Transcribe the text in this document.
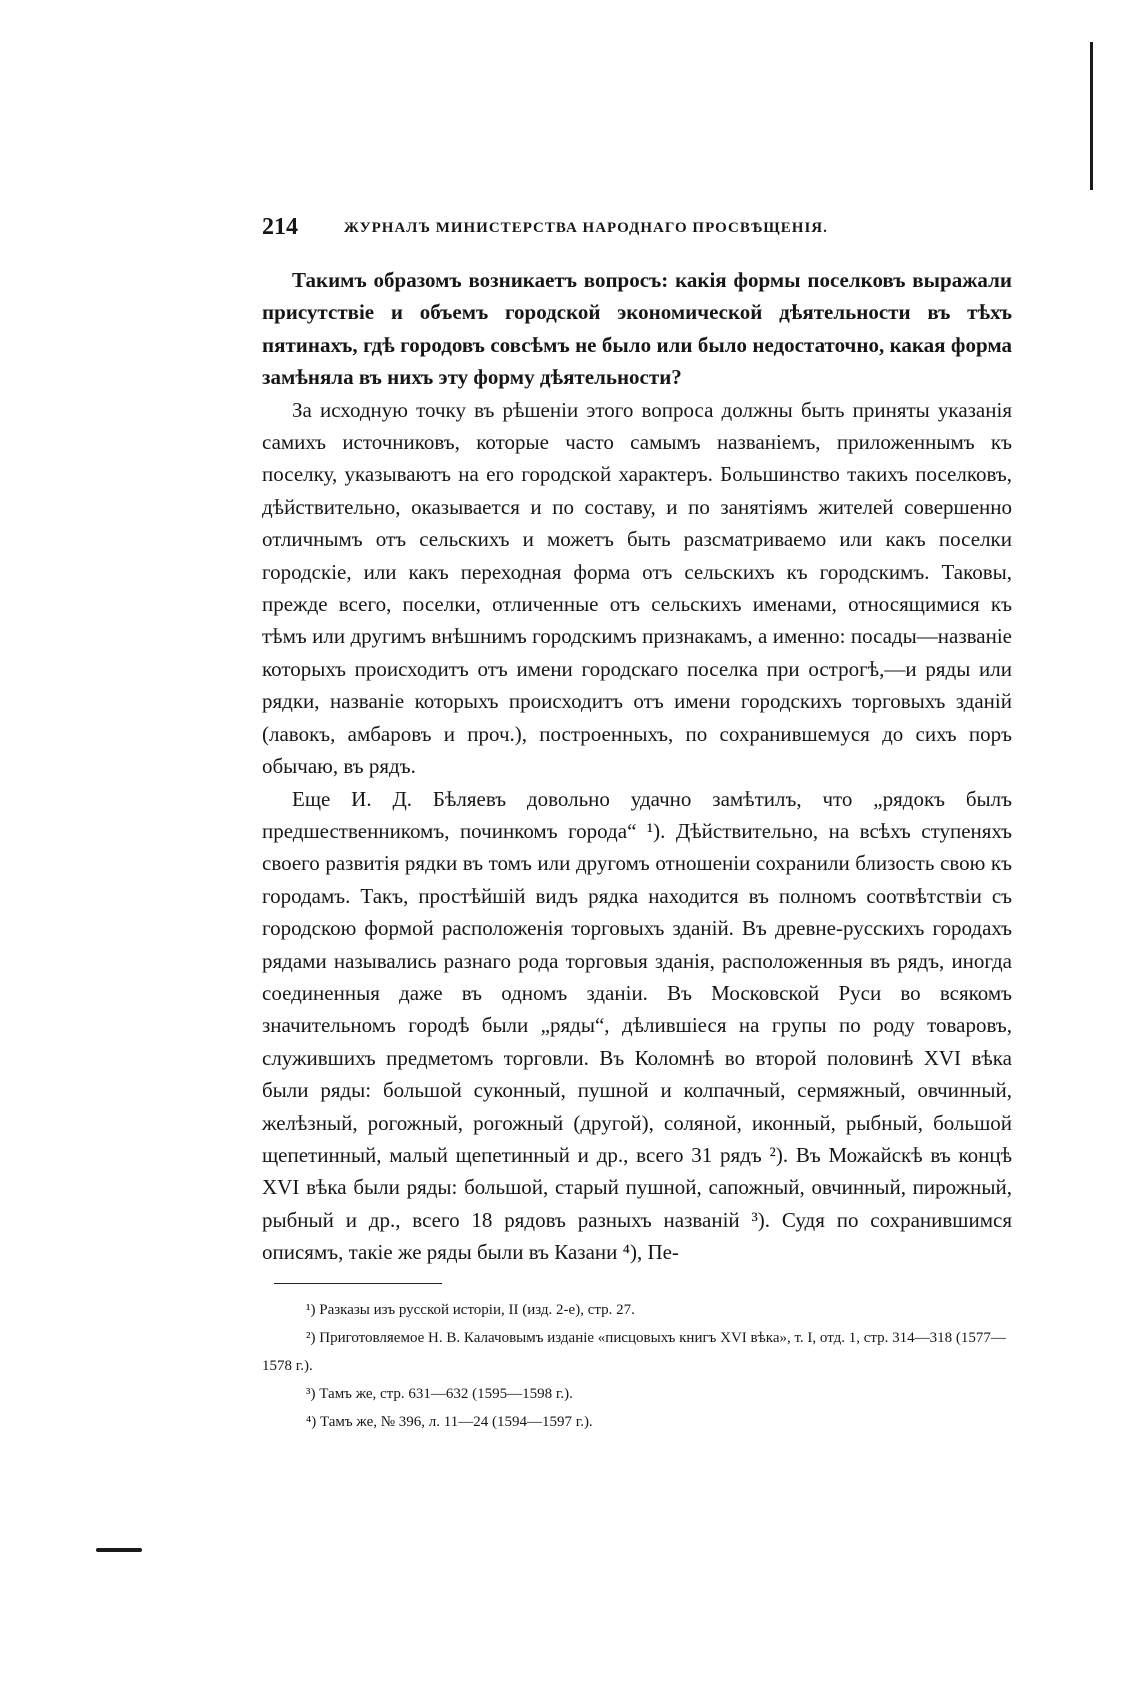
214	ЖУРНАЛЪ МИНИСТЕРСТВА НАРОДНАГО ПРОСВѢЩЕНІЯ.

Такимъ образомъ возникаетъ вопросъ: какія формы поселковъ выражали присутствіе и объемъ городской экономической дѣятельности въ тѣхъ пятинахъ, гдѣ городовъ совсѣмъ не было или было недостаточно, какая форма замѣняла въ нихъ эту форму дѣятельности?

За исходную точку въ рѣшеніи этого вопроса должны быть приняты указанія самихъ источниковъ, которые часто самымъ названіемъ, приложеннымъ къ поселку, указываютъ на его городской характеръ. Большинство такихъ поселковъ, дѣйствительно, оказывается и по составу, и по занятіямъ жителей совершенно отличнымъ отъ сельскихъ и можетъ быть разсматриваемо или какъ поселки городскіе, или какъ переходная форма отъ сельскихъ къ городскимъ. Таковы, прежде всего, поселки, отличенные отъ сельскихъ именами, относящимися къ тѣмъ или другимъ внѣшнимъ городскимъ признакамъ, а именно: посады—названіе которыхъ происходитъ отъ имени городскаго поселка при острогѣ,—и ряды или рядки, названіе которыхъ происходитъ отъ имени городскихъ торговыхъ зданій (лавокъ, амбаровъ и проч.), построенныхъ, по сохранившемуся до сихъ поръ обычаю, въ рядъ.

Еще И. Д. Бѣляевъ довольно удачно замѣтилъ, что „рядокъ былъ предшественникомъ, починкомъ города“ ¹). Дѣйствительно, на всѣхъ ступеняхъ своего развитія рядки въ томъ или другомъ отношеніи сохранили близость свою къ городамъ. Такъ, простѣйшій видъ рядка находится въ полномъ соотвѣтствіи съ городскою формой расположенія торговыхъ зданій. Въ древне-русскихъ городахъ рядами назывались разнаго рода торговыя зданія, расположенныя въ рядъ, иногда соединенныя даже въ одномъ зданіи. Въ Московской Руси во всякомъ значительномъ городѣ были „ряды“, дѣлившіеся на групы по роду товаровъ, служившихъ предметомъ торговли. Въ Коломнѣ во второй половинѣ XVI вѣка были ряды: большой суконный, пушной и колпачный, сермяжный, овчинный, желѣзный, рогожный, рогожный (другой), соляной, иконный, рыбный, большой щепетинный, малый щепетинный и др., всего 31 рядъ ²). Въ Можайскѣ въ концѣ XVI вѣка были ряды: большой, старый пушной, сапожный, овчинный, пирожный, рыбный и др., всего 18 рядовъ разныхъ названій ³). Судя по сохранившимся описямъ, такіе же ряды были въ Казани ⁴), Пе-

¹) Разказы изъ русской исторіи, II (изд. 2-е), стр. 27.

²) Приготовляемое Н. В. Калачовымъ изданіе «писцовыхъ книгъ XVI вѣка», т. I, отд. 1, стр. 314—318 (1577—1578 г.).

³) Тамъ же, стр. 631—632 (1595—1598 г.).

⁴) Тамъ же, № 396, л. 11—24 (1594—1597 г.).
